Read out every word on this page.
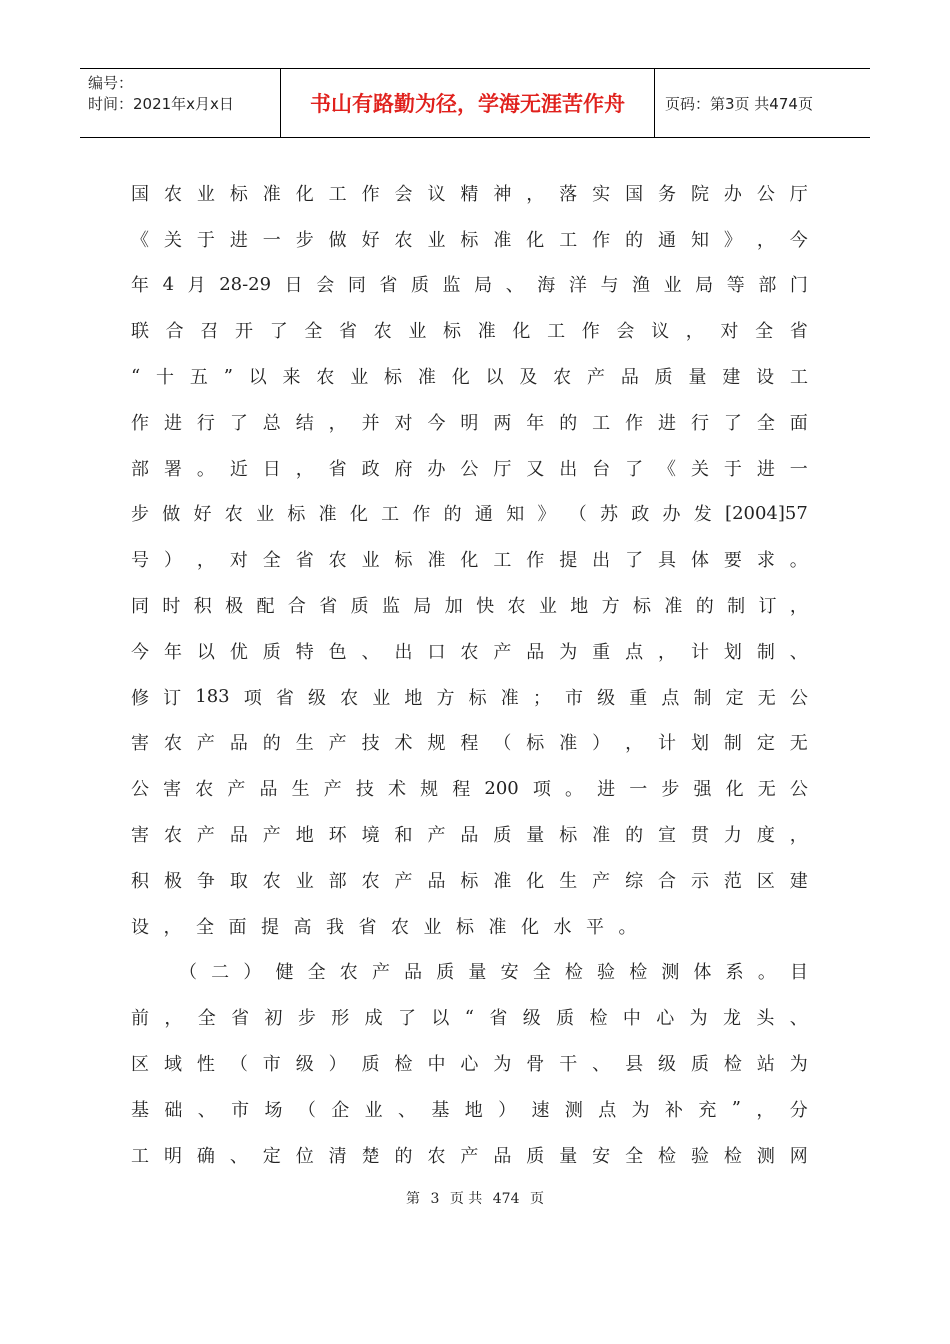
编号：
时间：2021年x月x日	书山有路勤为径，学海无涯苦作舟	页码：第3页 共474页
国 农 业 标 准 化 工 作 会 议 精 神 ， 落 实 国 务 院 办 公 厅
《 关 于 进 一 步 做 好 农 业 标 准 化 工 作 的 通 知 》 ， 今
年 4 月 28-29 日 会 同 省 质 监 局 、 海 洋 与 渔 业 局 等 部 门
联 合 召 开 了 全 省 农 业 标 准 化 工 作 会 议 ， 对 全 省
“ 十 五 ” 以 来 农 业 标 准 化 以 及 农 产 品 质 量 建 设 工
作 进 行 了 总 结 ， 并 对 今 明 两 年 的 工 作 进 行 了 全 面
部 署 。 近 日 ， 省 政 府 办 公 厅 又 出 台 了 《 关 于 进 一
步 做 好 农 业 标 准 化 工 作 的 通 知 》 （ 苏 政 办 发 [2004]57
号 ） ， 对 全 省 农 业 标 准 化 工 作 提 出 了 具 体 要 求 。
同 时 积 极 配 合 省 质 监 局 加 快 农 业 地 方 标 准 的 制 订 ，
今 年 以 优 质 特 色 、 出 口 农 产 品 为 重 点 ， 计 划 制 、
修 订 183 项 省 级 农 业 地 方 标 准 ； 市 级 重 点 制 定 无 公
害 农 产 品 的 生 产 技 术 规 程 （ 标 准 ） ， 计 划 制 定 无
公 害 农 产 品 生 产 技 术 规 程 200 项 。 进 一 步 强 化 无 公
害 农 产 品 产 地 环 境 和 产 品 质 量 标 准 的 宣 贯 力 度 ，
积 极 争 取 农 业 部 农 产 品 标 准 化 生 产 综 合 示 范 区 建
设 ， 全 面 提 高 我 省 农 业 标 准 化 水 平 。
（ 二 ） 健 全 农 产 品 质 量 安 全 检 验 检 测 体 系 。 目
前 ， 全 省 初 步 形 成 了 以 “ 省 级 质 检 中 心 为 龙 头 、
区 域 性 （ 市 级 ） 质 检 中 心 为 骨 干 、 县 级 质 检 站 为
基 础 、 市 场 （ 企 业 、 基 地 ） 速 测 点 为 补 充 ” ， 分
工 明 确 、 定 位 清 楚 的 农 产 品 质 量 安 全 检 验 检 测 网
第 3 页 共 474 页
